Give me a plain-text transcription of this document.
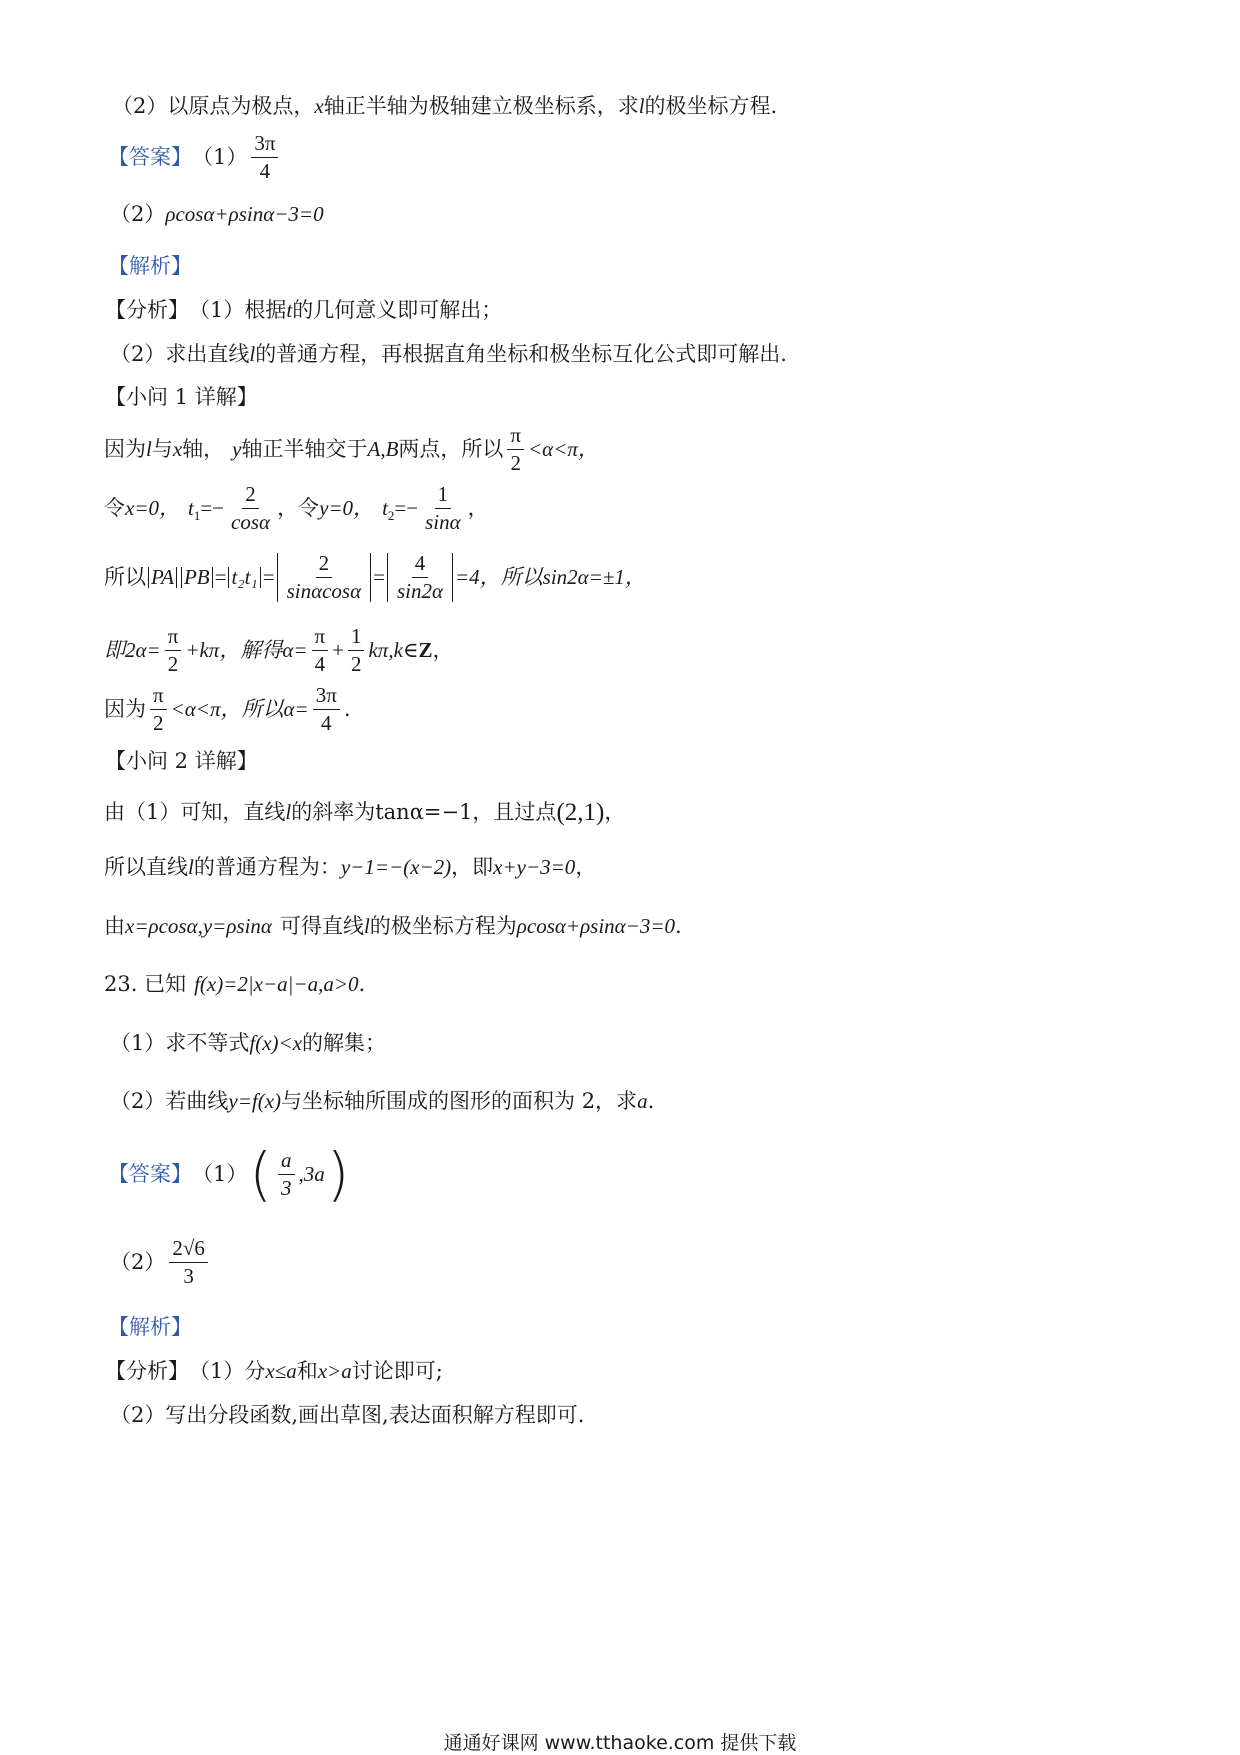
（2）以原点为极点， x 轴正半轴为极轴建立极坐标系，求 l 的极坐标方程.
【答案】 $(1) \frac{3\pi}{4}$
（2） ρcosα+ρsinα−3=0
【解析】
【分析】 （1）根据 t 的几何意义即可解出；
（2）求出直线 l 的普通方程，再根据直角坐标和极坐标互化公式即可解出.
【小问 1 详解】
因为 l 与 x 轴， y 轴正半轴交于 A,B 两点，所以 $\frac{\pi}{2} <\alpha<\pi$，
令 x=0， t $1 =- \frac{2}{\cos\alpha}$ ，令 y=0， t $2 =- \frac{1}{\sin\alpha}$ ，
所以 PA PB = $t_2t_1 = \frac{2}{\sin\alpha\cos\alpha} = \frac{4}{\sin 2\alpha} =4$，所以sin2α=±1，
即$2\alpha= \frac{\pi}{2} +k\pi$，解得$\alpha= \frac{\pi}{4} + \frac{1}{2}$ kπ,k∈ Z ，
因为 $\frac{\pi}{2} <\alpha<\pi$，所以$\alpha= \frac{3\pi}{4}$ .
【小问 2 详解】
由（1）可知，直线 l 的斜率为tanα=−1，且过点 (2,1) ，
所以直线 l 的普通方程为： y−1=−(x−2) ，即 x+y−3=0 ，
由 x=ρcosα,y=ρsinα 可得直线 l 的极坐标方程为 ρcosα+ρsinα−3=0 .
23. 已知 f(x)=2|x−a|−a,a>0 .
（1）求不等式 f(x)<x 的解集；
（2）若曲线 y=f(x) 与坐标轴所围成的图形的面积为 2，求 a .
【答案】 （1） ( $\frac{a}{3} ,3a$ )
$(2) \frac{2√6}{3}$
【解析】
【分析】 （1）分 x≤a 和 x>a 讨论即可;
（2）写出分段函数,画出草图,表达面积解方程即可.
通通好课网 www.tthaoke.com 提供下载
